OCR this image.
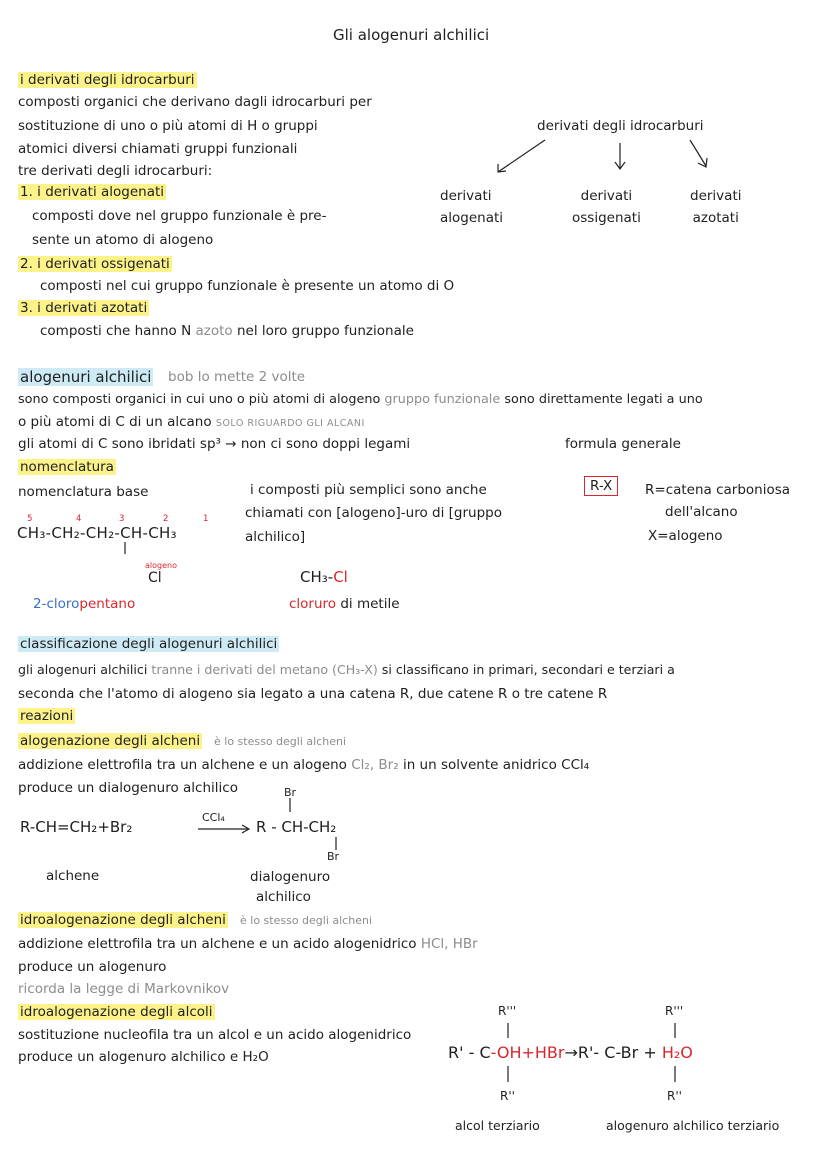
Gli alogenuri alchilici
i derivati degli idrocarburi
composti organici che derivano dagli idrocarburi per
sostituzione di uno o più atomi di H o gruppi
atomici diversi chiamati gruppi funzionali
tre derivati degli idrocarburi:
1. i derivati alogenati
composti dove nel gruppo funzionale è pre-
sente un atomo di alogeno
2. i derivati ossigenati
composti nel cui gruppo funzionale è presente un atomo di O
3. i derivati azotati
composti che hanno N azoto nel loro gruppo funzionale
derivati degli idrocarburi
derivati
alogenati
derivati
ossigenati
derivati
azotati
alogenuri alchilici bob lo mette 2 volte
sono composti organici in cui uno o più atomi di alogeno gruppo funzionale sono direttamente legati a uno
o più atomi di C di un alcano SOLO RIGUARDO GLI ALCANI
gli atomi di C sono ibridati sp³ → non ci sono doppi legami	formula generale
nomenclatura
nomenclatura base	R-X	R=catena carboniosa
dell'alcano
X=alogeno
i composti più semplici sono anche
chiamati con [alogeno]-uro di [gruppo
alchilico]
5	4	3	2	1
CH₃-CH₂-CH₂-CH-CH₃
alogeno
Cl
2-cloropentano
CH₃-Cl
cloruro di metile
classificazione degli alogenuri alchilici
gli alogenuri alchilici tranne i derivati del metano (CH₃-X) si classificano in primari, secondari e terziari a
seconda che l'atomo di alogeno sia legato a una catena R, due catene R o tre catene R
reazioni
alogenazione degli alcheni è lo stesso degli alcheni
addizione elettrofila tra un alchene e un alogeno Cl₂, Br₂ in un solvente anidrico CCl₄
produce un dialogenuro alchilico	Br
R-CH=CH₂+Br₂
CCl₄
R - CH-CH₂
Br
alchene	dialogenuro
alchilico
idroalogenazione degli alcheni è lo stesso degli alcheni
addizione elettrofila tra un alchene e un acido alogenidrico HCl, HBr
produce un alogenuro
ricorda la legge di Markovnikov
idroalogenazione degli alcoli
sostituzione nucleofila tra un alcol e un acido alogenidrico
produce un alogenuro alchilico e H₂O
R'''	R'''
R' - C-OH+HBr→R'- C-Br + H₂O
R''	R''
alcol terziario	alogenuro alchilico terziario
